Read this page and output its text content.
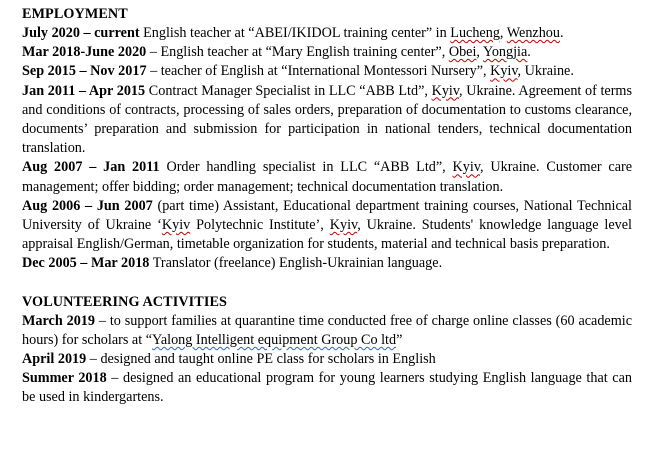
EMPLOYMENT

July 2020 – current English teacher at “ABEI/IKIDOL training center” in Lucheng, Wenzhou.

Mar 2018-June 2020 – English teacher at “Mary English training center”, Obei, Yongjia.

Sep 2015 – Nov 2017 – teacher of English at “International Montessori Nursery”, Kyiv, Ukraine.

Jan 2011 – Apr 2015 Contract Manager Specialist in LLC “ABB Ltd”, Kyiv, Ukraine. Agreement of terms and conditions of contracts, processing of sales orders, preparation of documentation to customs clearance, documents’ preparation and submission for participation in national tenders, technical documentation translation.

Aug 2007 – Jan 2011 Order handling specialist in LLC “ABB Ltd”, Kyiv, Ukraine. Customer care management; offer bidding; order management; technical documentation translation.

Aug 2006 – Jun 2007 (part time) Assistant, Educational department training courses, National Technical University of Ukraine ‘Kyiv Polytechnic Institute’, Kyiv, Ukraine. Students' knowledge language level appraisal English/German, timetable organization for students, material and technical basis preparation.

Dec 2005 – Mar 2018 Translator (freelance) English-Ukrainian language.

VOLUNTEERING ACTIVITIES

March 2019 – to support families at quarantine time conducted free of charge online classes (60 academic hours) for scholars at “Yalong Intelligent equipment Group Co ltd”

April 2019 – designed and taught online PE class for scholars in English

Summer 2018 – designed an educational program for young learners studying English language that can be used in kindergartens.
